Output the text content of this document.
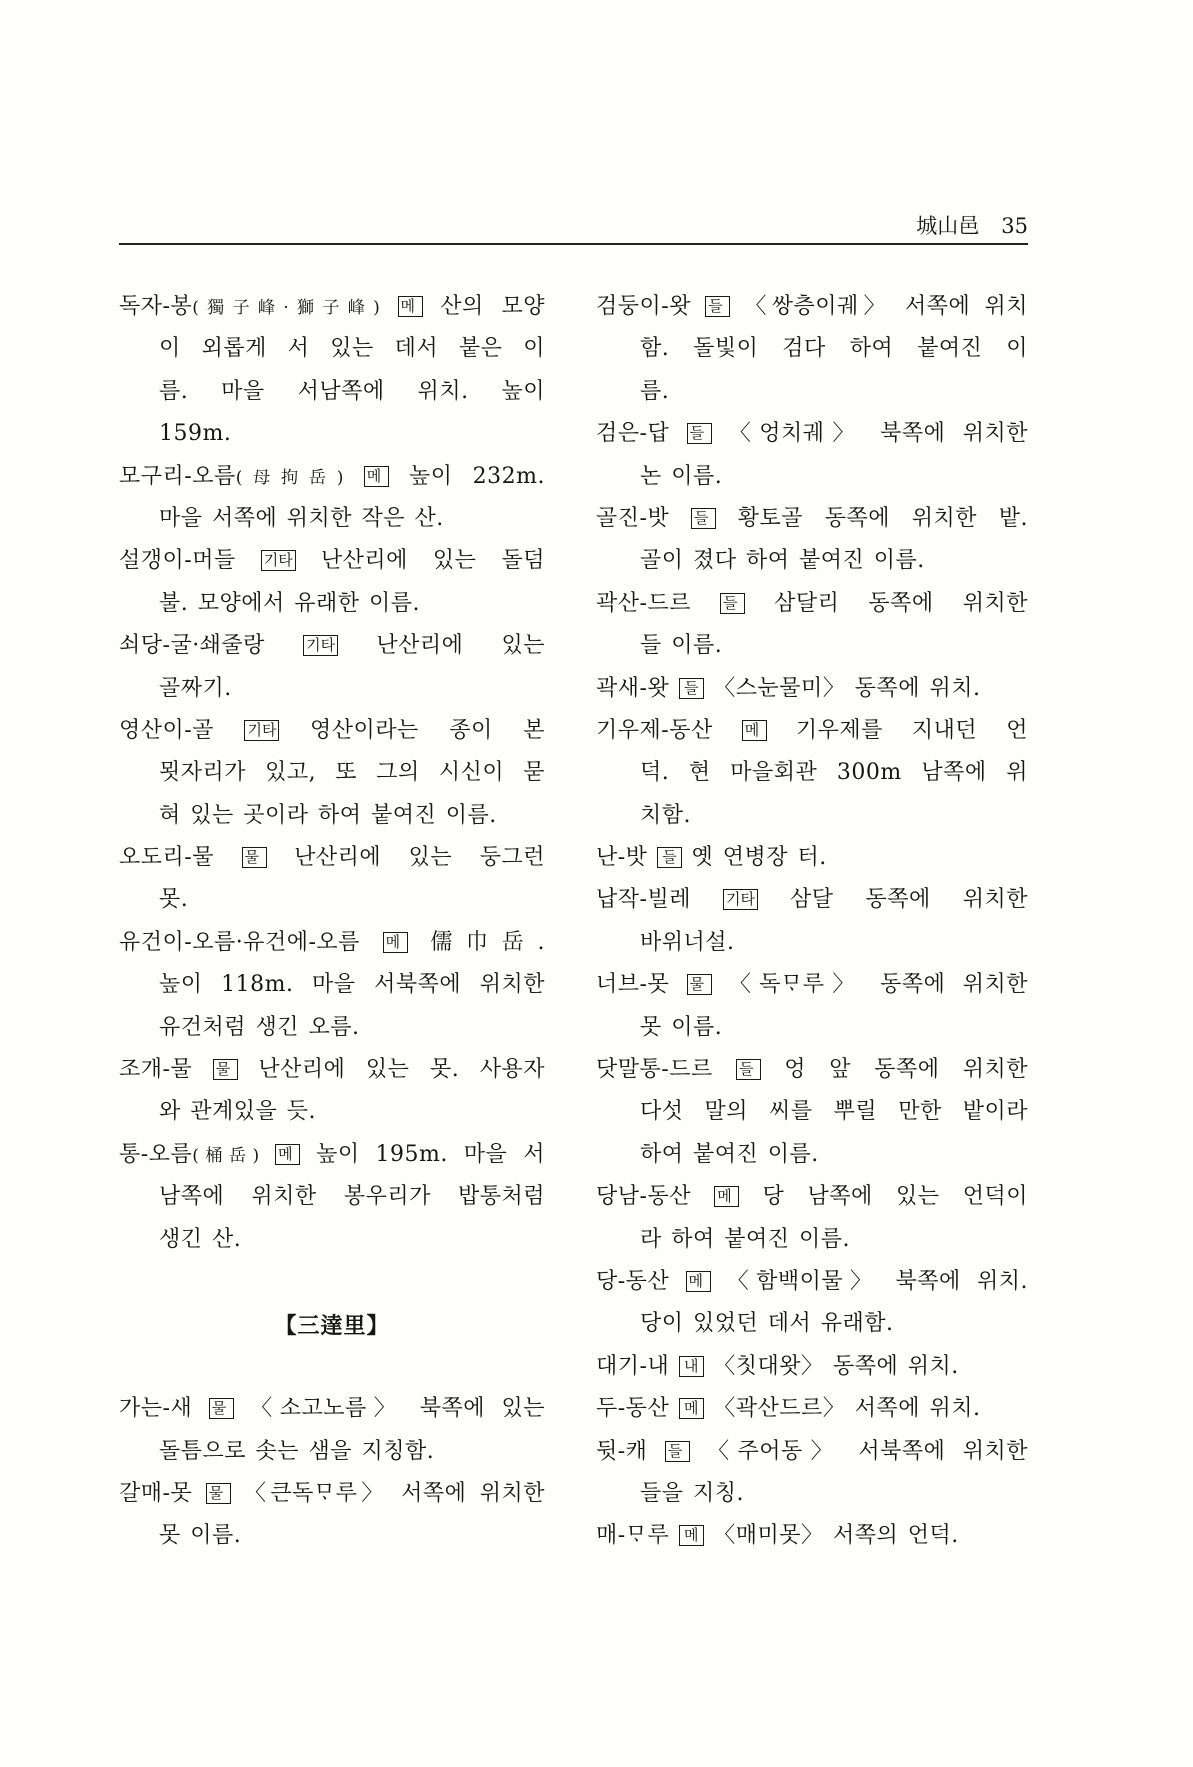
城山邑 35
독자-봉(獨子峰·獅子峰) 메 산의 모양
이 외롭게 서 있는 데서 붙은 이
름. 마을 서남쪽에 위치. 높이
159m.
모구리-오름(母拘岳) 메 높이 232m.
마을 서쪽에 위치한 작은 산.
설갱이-머들 기타 난산리에 있는 돌덤
불. 모양에서 유래한 이름.
쇠당-굴·쇄줄랑	기타 난산리에 있는
골짜기.
영산이-골 기타 영산이라는 종이 본
묏자리가 있고, 또 그의 시신이 묻
혀 있는 곳이라 하여 붙여진 이름.
오도리-물 물 난산리에 있는 둥그런
못.
유건이-오름·유건에-오름 메 儒巾岳.
높이 118m. 마을 서북쪽에 위치한
유건처럼 생긴 오름.
조개-물 물 난산리에 있는 못. 사용자
와 관계있을 듯.
통-오름(桶岳) 메 높이 195m. 마을 서
남쪽에 위치한 봉우리가 밥통처럼
생긴 산.
【三達里】
가는-새 물 〈소고노름〉 북쪽에 있는
돌틈으로 솟는 샘을 지칭함.
갈매-못 물 〈큰독ᄆᆞ루〉 서쪽에 위치한
못 이름.
검둥이-왓 들 〈쌍층이궤〉 서쪽에 위치
함. 돌빛이 검다 하여 붙여진 이
름.
검은-답 들 〈엉치궤〉 북쪽에 위치한
논 이름.
골진-밧 들 황토골 동쪽에 위치한 밭.
골이 졌다 하여 붙여진 이름.
곽산-드르 들 삼달리 동쪽에 위치한
들 이름.
곽새-왓 들 〈스눈물미〉 동쪽에 위치.
기우제-동산 메 기우제를 지내던 언
덕. 현 마을회관 300m 남쪽에 위
치함.
난-밧 들 옛 연병장 터.
납작-빌레 기타 삼달 동쪽에 위치한
바위너설.
너브-못 물 〈독ᄆᆞ루〉 동쪽에 위치한
못 이름.
닷말통-드르 들 엉 앞 동쪽에 위치한
다섯 말의 씨를 뿌릴 만한 밭이라
하여 붙여진 이름.
당남-동산 메 당 남쪽에 있는 언덕이
라 하여 붙여진 이름.
당-동산 메 〈함백이물〉 북쪽에 위치.
당이 있었던 데서 유래함.
대기-내 내 〈칫대왓〉 동쪽에 위치.
두-동산 메 〈곽산드르〉 서쪽에 위치.
뒷-캐 들 〈주어동〉 서북쪽에 위치한
들을 지칭.
매-ᄆᆞ루 메 〈매미못〉 서쪽의 언덕.
